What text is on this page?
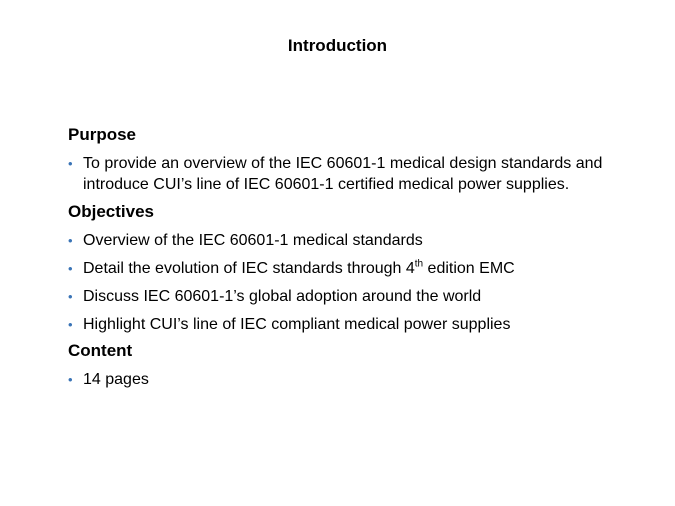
Introduction
Purpose
• To provide an overview of the IEC 60601-1 medical design standards and introduce CUI’s line of IEC 60601-1 certified medical power supplies.
Objectives
• Overview of the IEC 60601-1 medical standards
• Detail the evolution of IEC standards through 4th edition EMC
• Discuss IEC 60601-1’s global adoption around the world
• Highlight CUI’s line of IEC compliant medical power supplies
Content
• 14 pages
